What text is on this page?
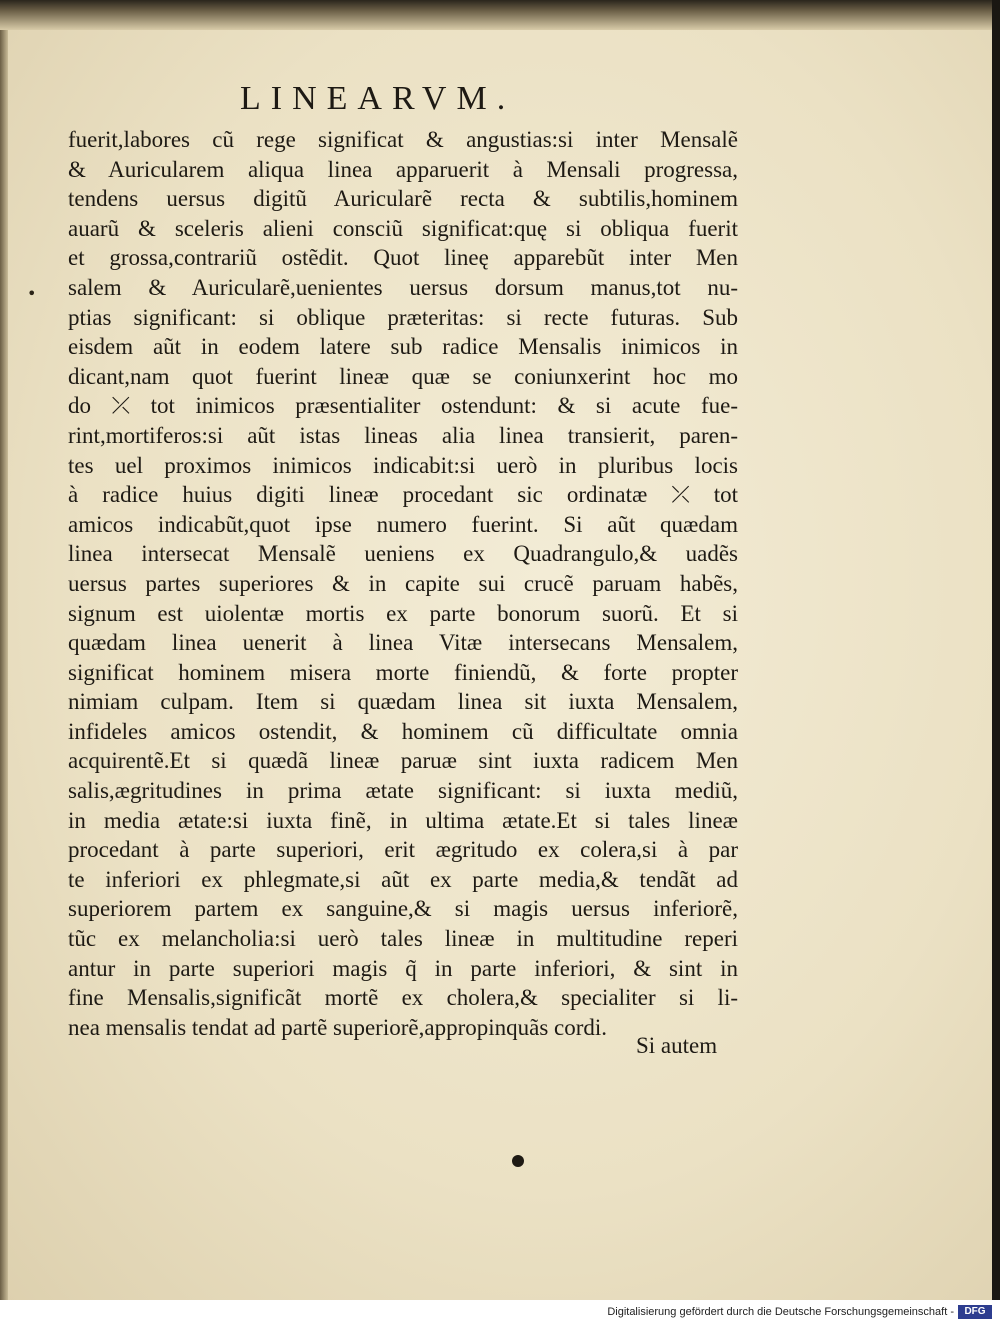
LINEARVM.
•
fuerit,labores cũ rege significat & angustias:si inter Mensalẽ
& Auricularem aliqua linea apparuerit à Mensali progressa,
tendens uersus digitũ Auricularẽ recta & subtilis,hominem
auarũ & sceleris alieni consciũ significat:quę si obliqua fuerit
et grossa,contrariũ ostẽdit. Quot lineę apparebũt inter Men
salem & Auricularẽ,uenientes uersus dorsum manus,tot nu-
ptias significant: si oblique præteritas: si recte futuras. Sub
eisdem aũt in eodem latere sub radice Mensalis inimicos in
dicant,nam quot fuerint lineæ quæ se coniunxerint hoc mo
do ⤫ tot inimicos præsentialiter ostendunt: & si acute fue-
rint,mortiferos:si aũt istas lineas alia linea transierit, paren-
tes uel proximos inimicos indicabit:si uerò in pluribus locis
à radice huius digiti lineæ procedant sic ordinatæ ⤫ tot
amicos indicabũt,quot ipse numero fuerint. Si aũt quædam
linea intersecat Mensalẽ ueniens ex Quadrangulo,& uadẽs
uersus partes superiores & in capite sui crucẽ paruam habẽs,
signum est uiolentæ mortis ex parte bonorum suorũ. Et si
quædam linea uenerit à linea Vitæ intersecans Mensalem,
significat hominem misera morte finiendũ, & forte propter
nimiam culpam. Item si quædam linea sit iuxta Mensalem,
infideles amicos ostendit, & hominem cũ difficultate omnia
acquirentẽ.Et si quædã lineæ paruæ sint iuxta radicem Men
salis,ægritudines in prima ætate significant: si iuxta mediũ,
in media ætate:si iuxta finẽ, in ultima ætate.Et si tales lineæ
procedant à parte superiori, erit ægritudo ex colera,si à par
te inferiori ex phlegmate,si aũt ex parte media,& tendãt ad
superiorem partem ex sanguine,& si magis uersus inferiorẽ,
tũc ex melancholia:si uerò tales lineæ in multitudine reperi
antur in parte superiori magis q̃ in parte inferiori, & sint in
fine Mensalis,significãt mortẽ ex cholera,& specialiter si li-
nea mensalis tendat ad partẽ superiorẽ,appropinquãs cordi.
Si autem
Digitalisierung gefördert durch die Deutsche Forschungsgemeinschaft -	DFG
